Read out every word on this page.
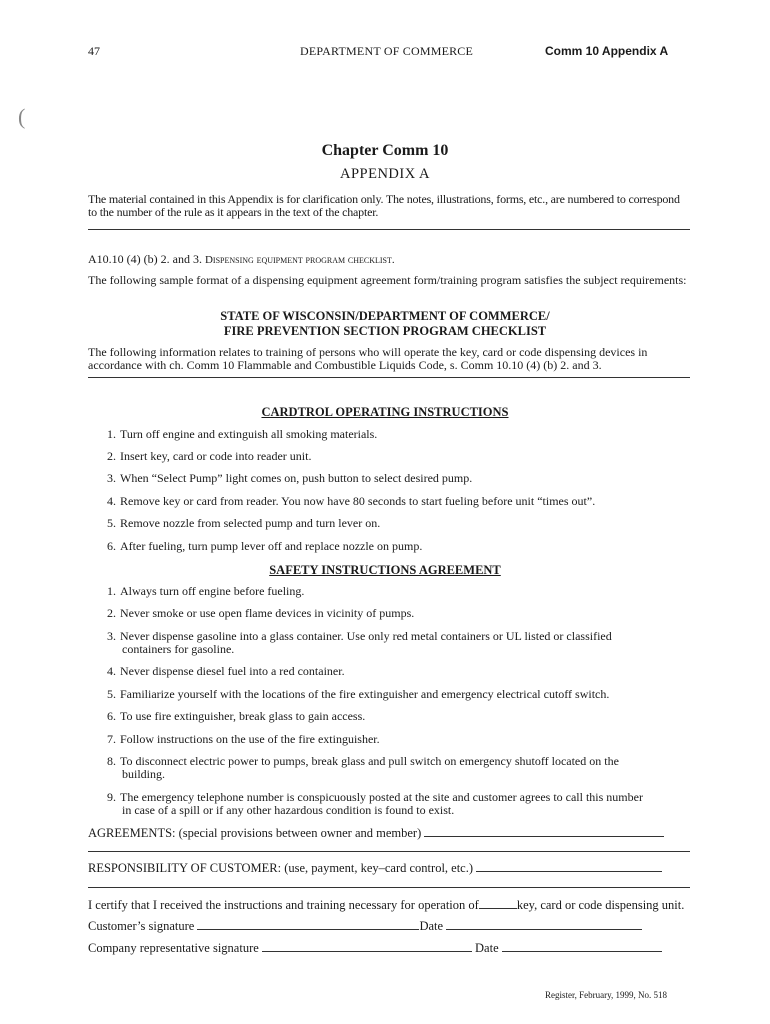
47	DEPARTMENT OF COMMERCE	Comm 10 Appendix A
(
Chapter Comm 10
APPENDIX A
The material contained in this Appendix is for clarification only. The notes, illustrations, forms, etc., are numbered to correspond to the number of the rule as it appears in the text of the chapter.
A10.10 (4) (b) 2. and 3. Dispensing equipment program checklist.
The following sample format of a dispensing equipment agreement form/training program satisfies the subject requirements:
STATE OF WISCONSIN/DEPARTMENT OF COMMERCE/
FIRE PREVENTION SECTION PROGRAM CHECKLIST
The following information relates to training of persons who will operate the key, card or code dispensing devices in accordance with ch. Comm 10 Flammable and Combustible Liquids Code, s. Comm 10.10 (4) (b) 2. and 3.
CARDTROL OPERATING INSTRUCTIONS
1. Turn off engine and extinguish all smoking materials.
2. Insert key, card or code into reader unit.
3. When “Select Pump” light comes on, push button to select desired pump.
4. Remove key or card from reader. You now have 80 seconds to start fueling before unit “times out”.
5. Remove nozzle from selected pump and turn lever on.
6. After fueling, turn pump lever off and replace nozzle on pump.
SAFETY INSTRUCTIONS AGREEMENT
1. Always turn off engine before fueling.
2. Never smoke or use open flame devices in vicinity of pumps.
3. Never dispense gasoline into a glass container. Use only red metal containers or UL listed or classified
containers for gasoline.
4. Never dispense diesel fuel into a red container.
5. Familiarize yourself with the locations of the fire extinguisher and emergency electrical cutoff switch.
6. To use fire extinguisher, break glass to gain access.
7. Follow instructions on the use of the fire extinguisher.
8. To disconnect electric power to pumps, break glass and pull switch on emergency shutoff located on the
building.
9. The emergency telephone number is conspicuously posted at the site and customer agrees to call this number
in case of a spill or if any other hazardous condition is found to exist.
AGREEMENTS: (special provisions between owner and member)
RESPONSIBILITY OF CUSTOMER: (use, payment, key–card control, etc.)
I certify that I received the instructions and training necessary for operation of	key, card or code dispensing unit.
Customer’s signature	Date
Company representative signature	Date
Register, February, 1999, No. 518
